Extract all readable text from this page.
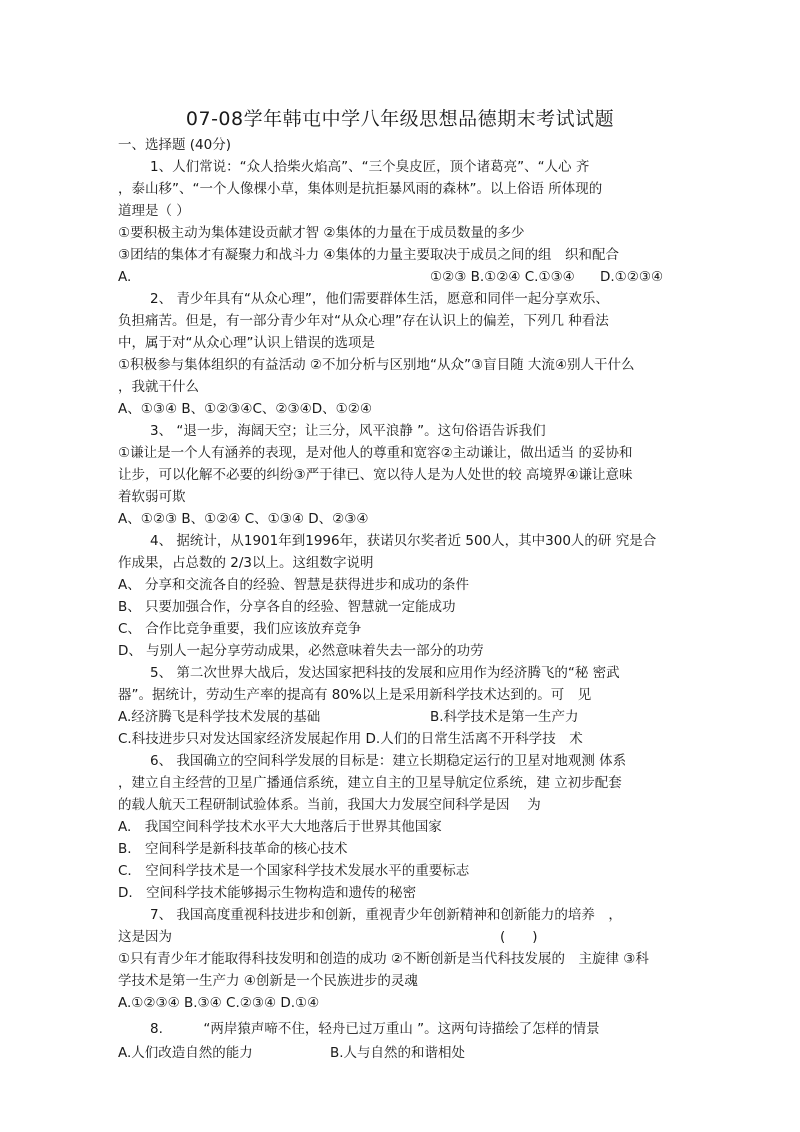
07-08学年韩屯中学八年级思想品德期末考试试题
一、选择题 (40分)
1、人们常说：“众人拾柴火焰高”、“三个臭皮匠，顶个诸葛亮”、“人心 齐
，泰山移”、“一个人像棵小草，集体则是抗拒暴风雨的森林”。以上俗语 所体现的
道理是（ ）
①要积极主动为集体建设贡献才智 ②集体的力量在于成员数量的多少
③团结的集体才有凝聚力和战斗力 ④集体的力量主要取决于成员之间的组　织和配合
A.	①②③ B.①②④ C.①③④ D.①②③④
2、 青少年具有“从众心理”，他们需要群体生活，愿意和同伴一起分享欢乐、
负担痛苦。但是，有一部分青少年对“从众心理”存在认识上的偏差，下列几 种看法
中，属于对“从众心理”认识上错误的选项是
①积极参与集体组织的有益活动 ②不加分析与区别地“从众”③盲目随 大流④别人干什么
，我就干什么
A、①③④ B、①②③④C、②③④D、①②④
3、 “退一步，海阔天空；让三分，风平浪静 ”。这句俗语告诉我们
①谦让是一个人有涵养的表现，是对他人的尊重和宽容②主动谦让，做出适当 的妥协和
让步，可以化解不必要的纠纷③严于律已、宽以待人是为人处世的较 高境界④谦让意味
着软弱可欺
A、①②③ B、①②④ C、①③④ D、②③④
4、 据统计，从1901年到1996年，获诺贝尔奖者近 500人，其中300人的研 究是合
作成果，占总数的 2/3以上。这组数字说明
A、 分享和交流各自的经验、智慧是获得进步和成功的条件
B、 只要加强合作，分享各自的经验、智慧就一定能成功
C、 合作比竞争重要，我们应该放弃竞争
D、 与别人一起分享劳动成果，必然意味着失去一部分的功劳
5、 第二次世界大战后，发达国家把科技的发展和应用作为经济腾飞的“秘 密武
器”。据统计，劳动生产率的提高有 80%以上是采用新科学技术达到的。可　见
A.经济腾飞是科学技术发展的基础	B.科学技术是第一生产力
C.科技进步只对发达国家经济发展起作用 D.人们的日常生活离不开科学技　术
6、 我国确立的空间科学发展的目标是：建立长期稳定运行的卫星对地观测 体系
，建立自主经营的卫星广播通信系统，建立自主的卫星导航定位系统，建 立初步配套
的载人航天工程研制试验体系。当前，我国大力发展空间科学是因　 为
A.　我国空间科学技术水平大大地落后于世界其他国家
B.　空间科学是新科技革命的核心技术
C.　空间科学技术是一个国家科学技术发展水平的重要标志
D.　空间科学技术能够揭示生物构造和遗传的秘密
7、 我国高度重视科技进步和创新，重视青少年创新精神和创新能力的培养　，
这是因为	(　　)
①只有青少年才能取得科技发明和创造的成功 ②不断创新是当代科技发展的　主旋律 ③科
学技术是第一生产力 ④创新是一个民族进步的灵魂
A.①②③④ B.③④ C.②③④ D.①④
8.　　　“两岸猿声啼不住，轻舟已过万重山 ”。这两句诗描绘了怎样的情景
A.人们改造自然的能力	B.人与自然的和谐相处
